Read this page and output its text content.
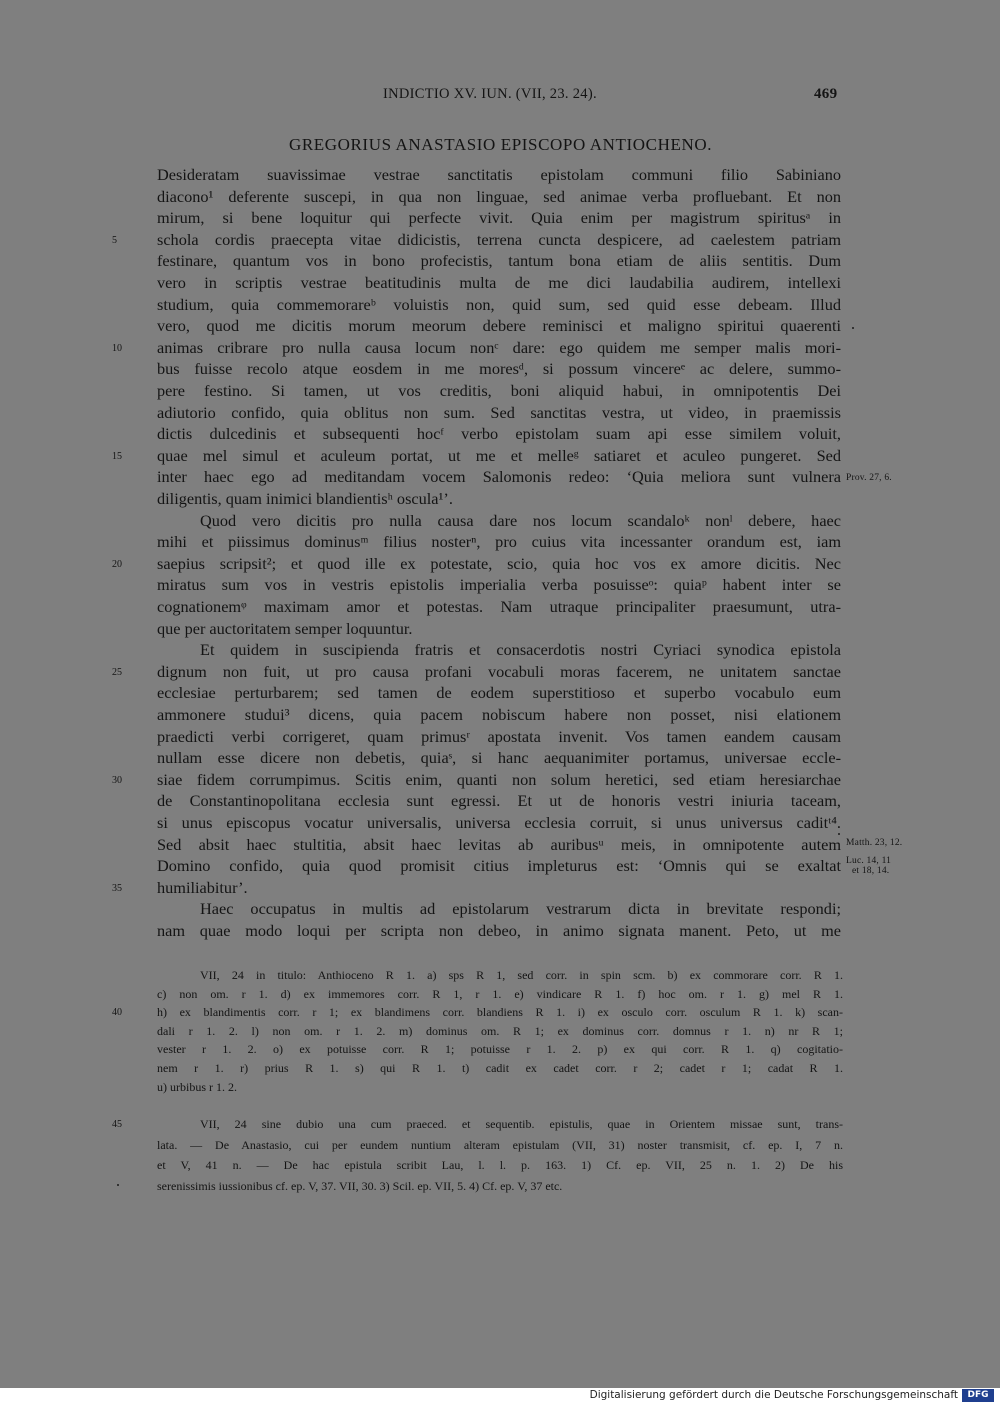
INDICTIO XV. IUN. (VII, 23. 24).	469
GREGORIUS ANASTASIO EPISCOPO ANTIOCHENO.
Desideratam suavissimae vestrae sanctitatis epistolam communi filio Sabiniano
diacono¹ deferente suscepi, in qua non linguae, sed animae verba profluebant. Et non
mirum, si bene loquitur qui perfecte vivit. Quia enim per magistrum spiritusᵃ in
schola cordis praecepta vitae didicistis, terrena cuncta despicere, ad caelestem patriam
5
festinare, quantum vos in bono profecistis, tantum bona etiam de aliis sentitis. Dum
vero in scriptis vestrae beatitudinis multa de me dici laudabilia audirem, intellexi
studium, quia commemorareᵇ voluistis non, quid sum, sed quid esse debeam. Illud
vero, quod me dicitis morum meorum debere reminisci et maligno spiritui quaerenti
animas cribrare pro nulla causa locum nonᶜ dare: ego quidem me semper malis mori-
10
bus fuisse recolo atque eosdem in me moresᵈ, si possum vincereᵉ ac delere, summo-
pere festino. Si tamen, ut vos creditis, boni aliquid habui, in omnipotentis Dei
adiutorio confido, quia oblitus non sum. Sed sanctitas vestra, ut video, in praemissis
dictis dulcedinis et subsequenti hocᶠ verbo epistolam suam api esse similem voluit,
quae mel simul et aculeum portat, ut me et melleᵍ satiaret et aculeo pungeret. Sed
15
inter haec ego ad meditandam vocem Salomonis redeo: ‘Quia meliora sunt vulnera
diligentis, quam inimici blandientisʰ oscula¹’.
Quod vero dicitis pro nulla causa dare nos locum scandaloᵏ nonˡ debere, haec
mihi et piissimus dominusᵐ filius nosterⁿ, pro cuius vita incessanter orandum est, iam
saepius scripsit²; et quod ille ex potestate, scio, quia hoc vos ex amore dicitis. Nec
20
miratus sum vos in vestris epistolis imperialia verba posuisseᵒ: quiaᵖ habent inter se
cognationemᵠ maximam amor et potestas. Nam utraque principaliter praesumunt, utra-
que per auctoritatem semper loquuntur.
Et quidem in suscipienda fratris et consacerdotis nostri Cyriaci synodica epistola
dignum non fuit, ut pro causa profani vocabuli moras facerem, ne unitatem sanctae
25
ecclesiae perturbarem; sed tamen de eodem superstitioso et superbo vocabulo eum
ammonere studui³ dicens, quia pacem nobiscum habere non posset, nisi elationem
praedicti verbi corrigeret, quam primusʳ apostata invenit. Vos tamen eandem causam
nullam esse dicere non debetis, quiaˢ, si hanc aequanimiter portamus, universae eccle-
siae fidem corrumpimus. Scitis enim, quanti non solum heretici, sed etiam heresiarchae
30
de Constantinopolitana ecclesia sunt egressi. Et ut de honoris vestri iniuria taceam,
si unus episcopus vocatur universalis, universa ecclesia corruit, si unus universus caditᵗ⁴.
Sed absit haec stultitia, absit haec levitas ab auribusᵘ meis, in omnipotente autem
Domino confido, quia quod promisit citius impleturus est: ‘Omnis qui se exaltat
humiliabitur’.
35
Haec occupatus in multis ad epistolarum vestrarum dicta in brevitate respondi;
nam quae modo loqui per scripta non debeo, in animo signata manent. Peto, ut me
Prov. 27, 6.
Matth. 23, 12.
Luc. 14, 11
et 18, 14.
VII, 24 in titulo: Anthioceno R 1. a) sps R 1, sed corr. in spin scm. b) ex commorare corr. R 1.
c) non om. r 1. d) ex immemores corr. R 1, r 1. e) vindicare R 1. f) hoc om. r 1. g) mel R 1.
h) ex blandimentis corr. r 1; ex blandimens corr. blandiens R 1. i) ex osculo corr. osculum R 1. k) scan-
40
dali r 1. 2. l) non om. r 1. 2. m) dominus om. R 1; ex dominus corr. domnus r 1. n) nr R 1;
vester r 1. 2. o) ex potuisse corr. R 1; potuisse r 1. 2. p) ex qui corr. R 1. q) cogitatio-
nem r 1. r) prius R 1. s) qui R 1. t) cadit ex cadet corr. r 2; cadet r 1; cadat R 1.
u) urbibus r 1. 2.
VII, 24 sine dubio una cum praeced. et sequentib. epistulis, quae in Orientem missae sunt, trans-
45
lata. — De Anastasio, cui per eundem nuntium alteram epistulam (VII, 31) noster transmisit, cf. ep. I, 7 n.
et V, 41 n. — De hac epistula scribit Lau, l. l. p. 163. 1) Cf. ep. VII, 25 n. 1. 2) De his
serenissimis iussionibus cf. ep. V, 37. VII, 30. 3) Scil. ep. VII, 5. 4) Cf. ep. V, 37 etc.
Digitalisierung gefördert durch die Deutsche Forschungsgemeinschaft	DFG
